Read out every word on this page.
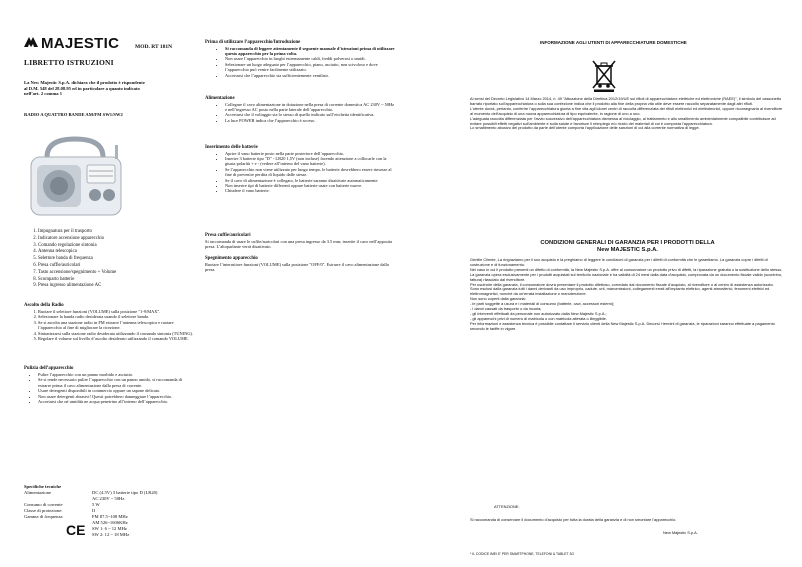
MAJESTIC	MOD. RT 181N
LIBRETTO ISTRUZIONI
La New Majestic S.p.A. dichiara che il prodotto è rispondente al D.M. 548 del 28.08.95 ed in particolare a quanto indicato nell’art. 2 comma 1
RADIO A QUATTRO BANDE AM/FM SW1/SW2
1. Impugnatura per il trasporto
2. Indicatore accensione apparecchio
3. Comando regolazione sintonia
4. Antenna telescopica
5. Selettore banda di frequenza
6. Presa cuffie/auricolari
7. Tasto accensione/spegnimento + Volume
8. Scomparto batterie
9. Presa ingresso alimentazione AC
Ascolto della Radio
1. Ruotare il selettore funzioni (VOLUME) sulla posizione "1-9/MAX".
2. Selezionare la banda radio desiderata usando il selettore banda.
3. Se si ascolta una stazione radio in FM estrarre l’antenna telescopica e ruotare l’apparecchio al fine di migliorare la ricezione.
4. Sintonizzarsi sulla stazione radio desiderata utilizzando il comando sintonia (TUNING).
5. Regolare il volume sul livello d’ascolto desiderato utilizzando il comando VOLUME.
Pulizia dell’apparecchio
• Pulire l’apparecchio con un panno morbido e asciutto.
• Se si rende necessario pulire l’apparecchio con un panno umido, si raccomanda di estrarre prima il cavo alimentazione dalla presa di corrente.
• Usare detergenti disponibili in commercio oppure un sapone delicato.
• Non usare detergenti abrasivi! Questi potrebbero danneggiare l’apparecchio.
• Accertarsi che né umidità ne acqua penetrino all’interno dell’apparecchio.
Specifiche tecniche
Alimentazione	DC (4.5V) 3 batterie tipo D (LR20)
AC 230V ~ 50Hz

Consumo di corrente	5 W
Classe di protezione:	II
Gamma di frequenza	FM 87.5~108 MHz
AM 526~1606KHz
SW 1: 6 ~ 12 MHz
SW 2: 12 ~ 18 MHz
CE
Prima di utilizzare l’apparecchio/Introduzione
• Si raccomanda di leggere attentamente il seguente manuale d’istruzioni prima di utilizzare questo apparecchio per la prima volta.
• Non usare l’apparecchio in luoghi estremamente caldi, freddi polverosi o umidi.
• Selezionare un luogo adeguato per l’apparecchio, piano, asciutto, non scivoloso e dove l’apparecchio può venire facilmente utilizzato.
• Accertarsi che l’apparecchio sia sufficientemente ventilato.
Alimentazione
• Collegare il cavo alimentazione in dotazione nella presa di corrente domestica AC 230V ~ 50Hz e nell’ingresso AC posto nella parte laterale dell’apparecchio.
• Accertarsi che il voltaggio sia lo stesso di quello indicato sull’etichetta identificativa.
• La luce POWER indica che l’apparecchio è acceso.
Inserimento delle batterie
• Aprire il vano batterie posto nella parte posteriore dell’apparecchio.
• Inserire 3 batterie tipo "D" - LR20 1,5V (non incluse) facendo attenzione a collocarle con la giusta polarità + e - (vedere all’interno del vano batterie).
• Se l’apparecchio non viene utilizzato per lungo tempo, le batterie dovrebbero essere rimosse al fine di prevenire perdita di liquido dalle stesse.
• Se il cavo di alimentazione è collegato, le batterie saranno disattivate automaticamente.
• Non inserire tipi di batterie differenti oppure batterie usate con batterie nuove.
• Chiudere il vano batterie.
Presa cuffie/auricolari

Si raccomanda di usare le cuffie/auricolari con una presa ingresso da 3.5 mm; inserite il cavo nell’apposita presa. L’altoparlante verrà disattivato.

Spegnimento apparecchio

Ruotare l’interruttore funzioni (VOLUME) sulla posizione "OFF/0". Estrarre il cavo alimentazione dalla presa.

INFORMAZIONE AGLI UTENTI DI APPARECCHIATURE DOMESTICHE

Ai sensi del Decreto Legislativo 14 Marzo 2014, n. 49 "Attuazione della Direttiva 2012/19/UE sui rifiuti di apparecchiature elettriche ed elettroniche (RAEE)", il simbolo del cassonetto barrato riportato sull’apparecchiatura o sulla sua confezione indica che il prodotto alla fine della propria vita utile deve essere raccolto separatamente dagli altri rifiuti.

L’utente dovrà, pertanto, conferire l’apparecchiatura giunta a fine vita agli idonei centri di raccolta differenziata dei rifiuti elettronici ed elettrotecnici, oppure riconsegnarla al rivenditore al momento dell’acquisto di una nuova apparecchiatura di tipo equivalente, in ragione di uno a uno.

L’adeguata raccolta differenziata per l’avvio successivo dell’apparecchiatura dismessa al riciclaggio, al trattamento e allo smaltimento ambientalmente compatibile contribuisce ad evitare possibili effetti negativi sull’ambiente e sulla salute e favorisce il reimpiego e/o riciclo dei materiali di cui è composta l’apparecchiatura.

Lo smaltimento abusivo del prodotto da parte dell’utente comporta l’applicazione delle sanzioni di cui alla corrente normativa di legge.

CONDIZIONI GENERALI DI GARANZIA PER I PRODOTTI DELLA
New MAJESTIC S.p.A.

Gentile Cliente, La ringraziamo per il suo acquisto e la preghiamo di leggere le condizioni di garanzia per i difetti di conformità che le garantiamo. La garanzia copre i difetti di costruzione e di funzionamento.

Nel caso in cui il prodotto presenti un difetto di conformità, la New Majestic S.p.A. offre al consumatore un prodotto privo di difetti, la riparazione gratuita o la sostituzione dello stesso.

La garanzia opera esclusivamente per i prodotti acquistati sul territorio nazionale e ha validità di 24 mesi dalla data d’acquisto, comprovata da un documento fiscale valido (scontrino, fattura) rilasciato dal rivenditore.

Per usufruire della garanzia, il consumatore dovrà presentare il prodotto difettoso, corredato dal documento fiscale d’acquisto, al rivenditore o al centro di assistenza autorizzato.

Sono esclusi dalla garanzia tutti i danni derivanti da uso improprio, cadute, urti, manomissioni, collegamenti errati all’impianto elettrico, agenti atmosferici, fenomeni elettrici ed elettromagnetici, nonché da un’errata installazione o manutenzione.

Non sono coperti dalla garanzia:

- le parti soggette a usura e i materiali di consumo (batterie, cavi, accessori esterni);

- i danni causati da trasporto o da incuria;

- gli interventi effettuati da personale non autorizzato dalla New Majestic S.p.A.;

- gli apparecchi privi di numero di matricola o con matricola alterata o illeggibile.

Per informazioni e assistenza tecnica è possibile contattare il servizio clienti della New Majestic S.p.A. Decorsi i termini di garanzia, le riparazioni saranno effettuate a pagamento secondo le tariffe in vigore.

ATTENZIONE:
Si raccomanda di conservare il documento d’acquisto per tutta la durata della garanzia e di non smontare l’apparecchio.
New Majestic S.p.A.
* IL CODICE IMEI E’ PER SMARTPHONE, TELEFONI & TABLET 3G
